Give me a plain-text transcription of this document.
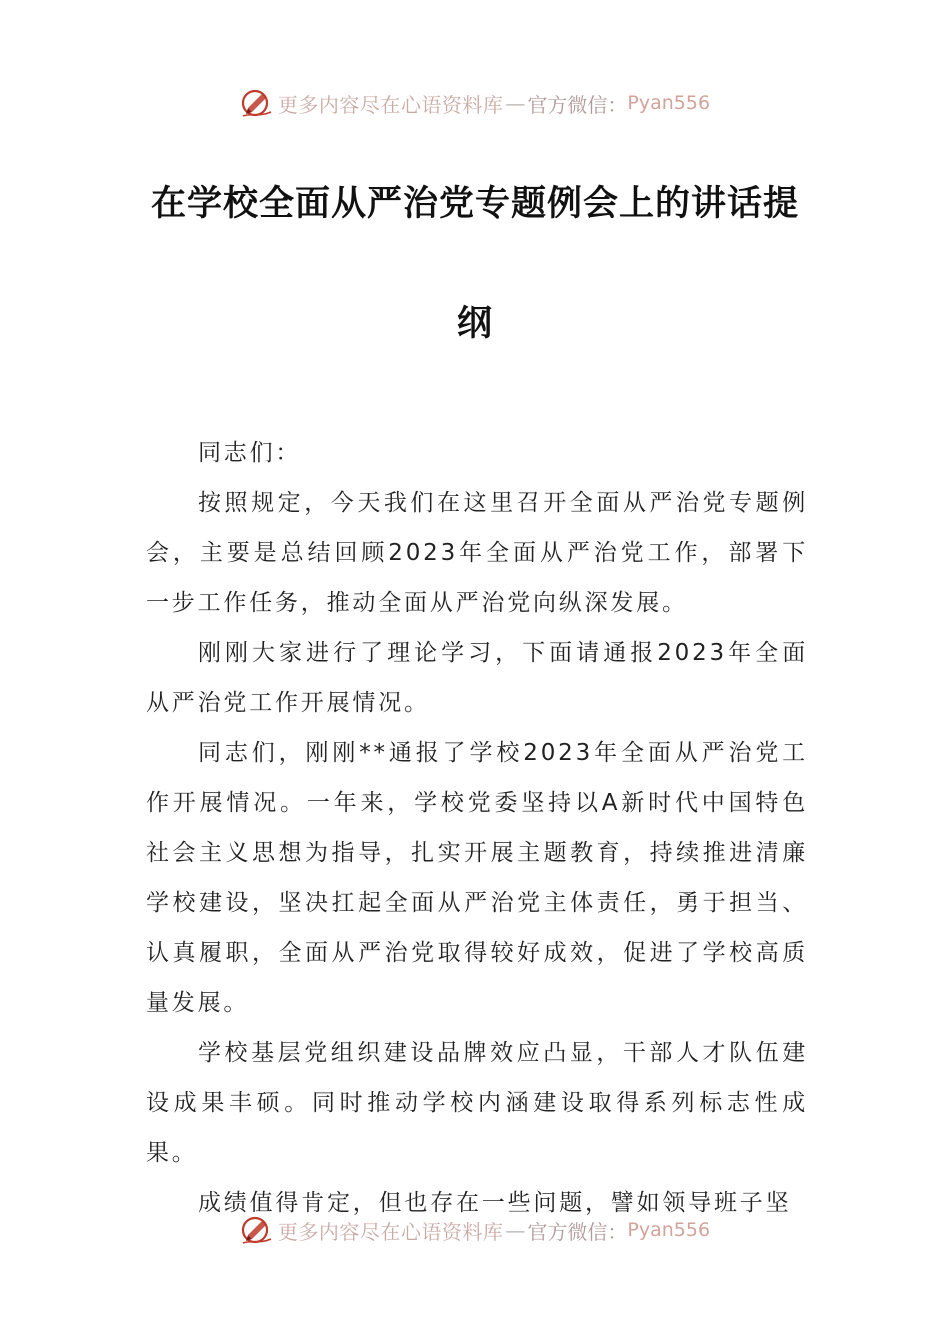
更多内容尽在心语资料库 — 官方微信： Pyan556
在学校全面从严治党专题例会上的讲话提
纲

同志们：

按照规定，今天我们在这里召开全面从严治党专题例会，主要是总结回顾2023年全面从严治党工作，部署下一步工作任务，推动全面从严治党向纵深发展。

刚刚大家进行了理论学习，下面请通报2023年全面从严治党工作开展情况。

同志们，刚刚**通报了学校2023年全面从严治党工作开展情况。一年来，学校党委坚持以A新时代中国特色社会主义思想为指导，扎实开展主题教育，持续推进清廉学校建设，坚决扛起全面从严治党主体责任，勇于担当、认真履职，全面从严治党取得较好成效，促进了学校高质量发展。

学校基层党组织建设品牌效应凸显，干部人才队伍建设成果丰硕。同时推动学校内涵建设取得系列标志性成果。

成绩值得肯定，但也存在一些问题，譬如领导班子坚

更多内容尽在心语资料库 — 官方微信： Pyan556
